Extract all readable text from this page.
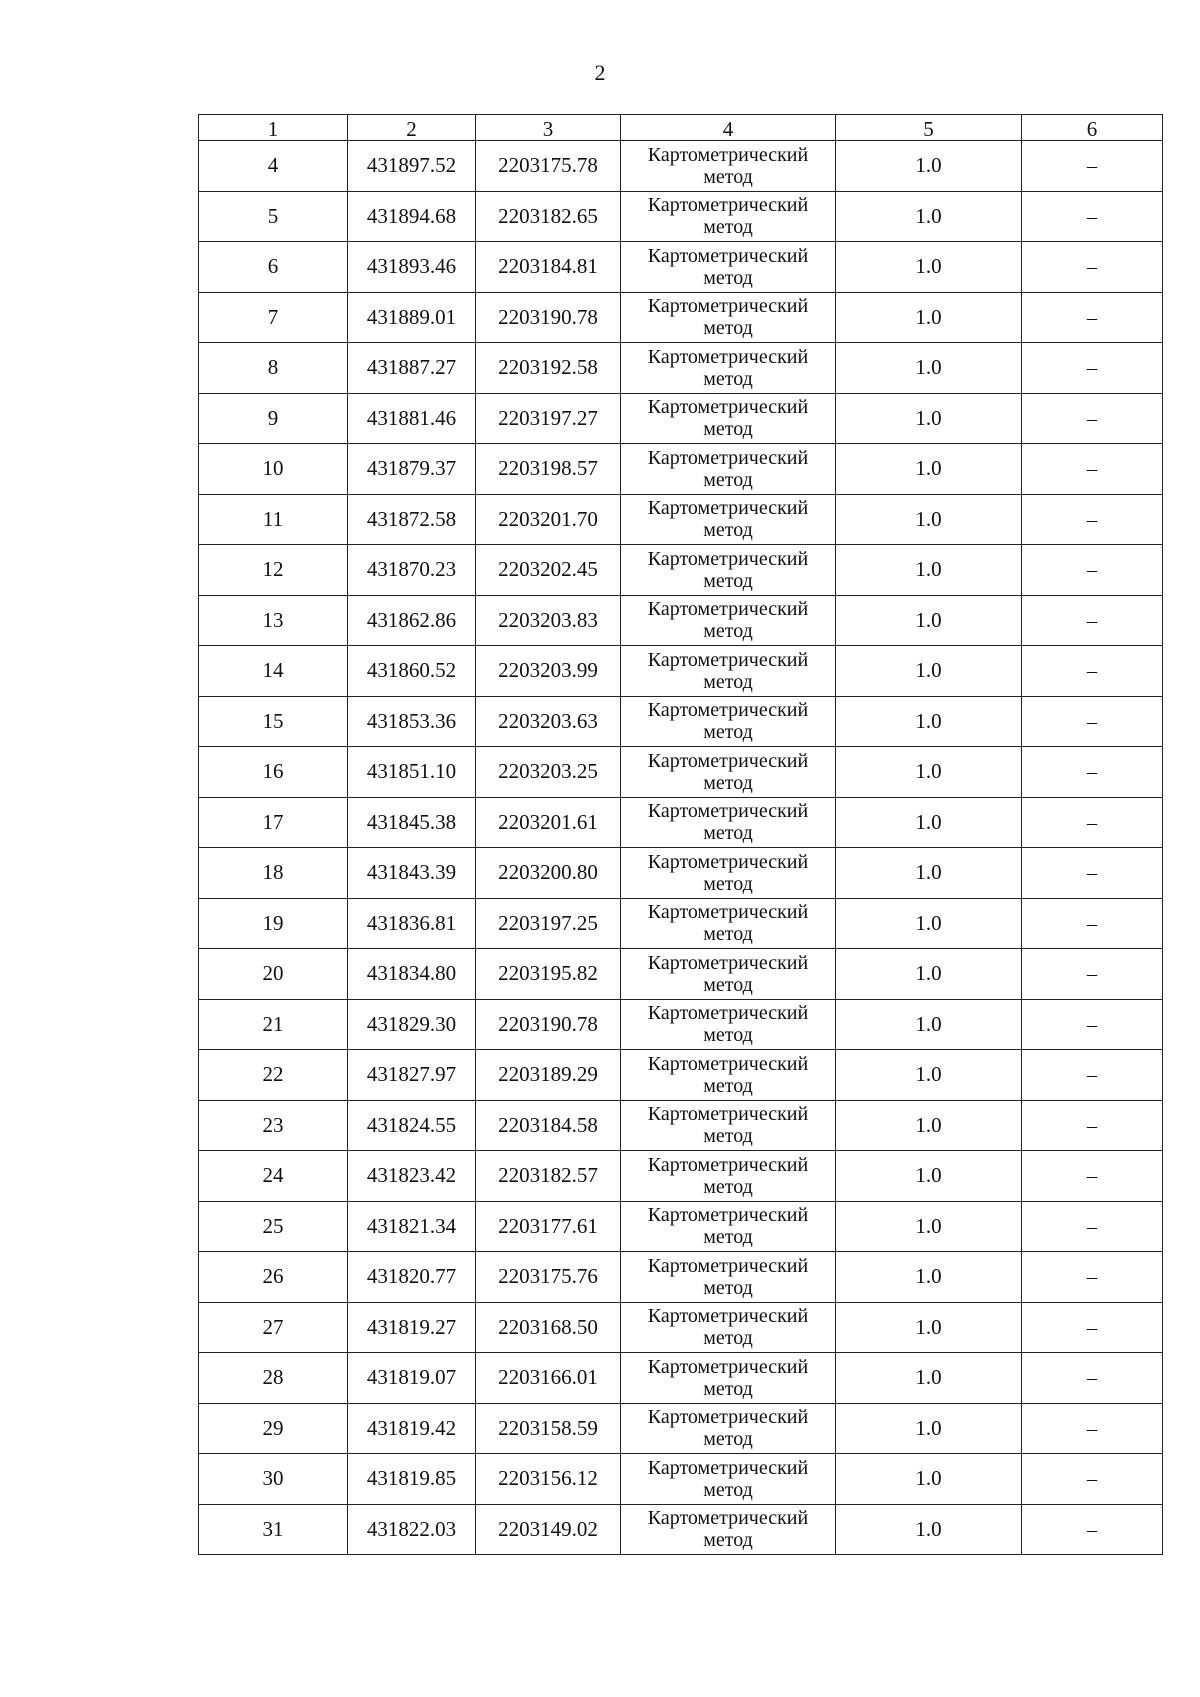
2
1	2	3	4	5	6
4	431897.52	2203175.78	Картометрический метод	1.0	–
5	431894.68	2203182.65	Картометрический метод	1.0	–
6	431893.46	2203184.81	Картометрический метод	1.0	–
7	431889.01	2203190.78	Картометрический метод	1.0	–
8	431887.27	2203192.58	Картометрический метод	1.0	–
9	431881.46	2203197.27	Картометрический метод	1.0	–
10	431879.37	2203198.57	Картометрический метод	1.0	–
11	431872.58	2203201.70	Картометрический метод	1.0	–
12	431870.23	2203202.45	Картометрический метод	1.0	–
13	431862.86	2203203.83	Картометрический метод	1.0	–
14	431860.52	2203203.99	Картометрический метод	1.0	–
15	431853.36	2203203.63	Картометрический метод	1.0	–
16	431851.10	2203203.25	Картометрический метод	1.0	–
17	431845.38	2203201.61	Картометрический метод	1.0	–
18	431843.39	2203200.80	Картометрический метод	1.0	–
19	431836.81	2203197.25	Картометрический метод	1.0	–
20	431834.80	2203195.82	Картометрический метод	1.0	–
21	431829.30	2203190.78	Картометрический метод	1.0	–
22	431827.97	2203189.29	Картометрический метод	1.0	–
23	431824.55	2203184.58	Картометрический метод	1.0	–
24	431823.42	2203182.57	Картометрический метод	1.0	–
25	431821.34	2203177.61	Картометрический метод	1.0	–
26	431820.77	2203175.76	Картометрический метод	1.0	–
27	431819.27	2203168.50	Картометрический метод	1.0	–
28	431819.07	2203166.01	Картометрический метод	1.0	–
29	431819.42	2203158.59	Картометрический метод	1.0	–
30	431819.85	2203156.12	Картометрический метод	1.0	–
31	431822.03	2203149.02	Картометрический метод	1.0	–
